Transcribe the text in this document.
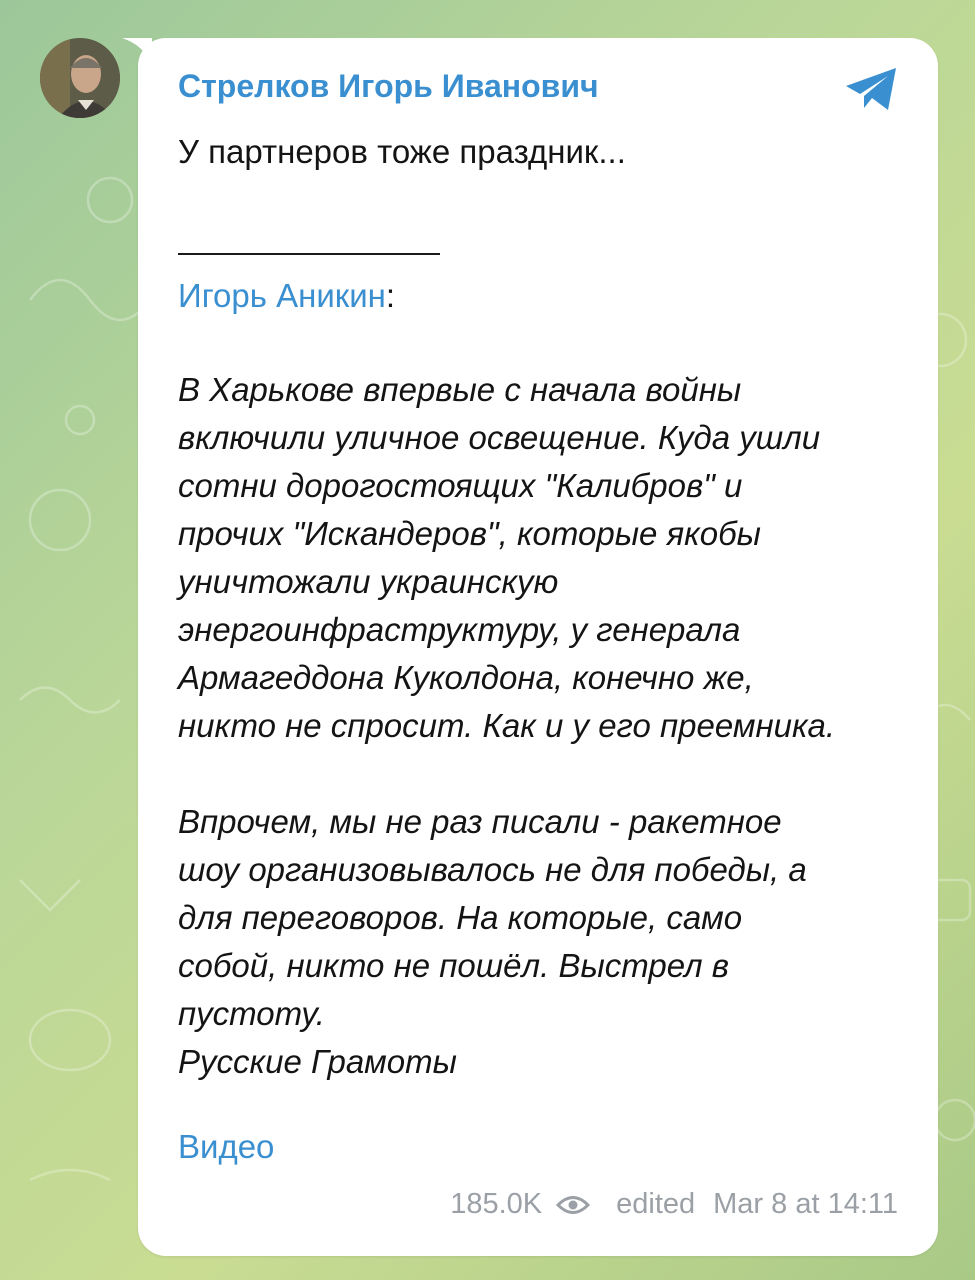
Стрелков Игорь Иванович
У партнеров тоже праздник...
Игорь Аникин:

В Харькове впервые с начала войны

включили уличное освещение. Куда ушли

сотни дорогостоящих "Калибров" и

прочих "Искандеров", которые якобы

уничтожали украинскую

энергоинфраструктуру, у генерала

Армагеддона Куколдона, конечно же,

никто не спросит. Как и у его преемника.

Впрочем, мы не раз писали - ракетное

шоу организовывалось не для победы, а

для переговоров. На которые, само

собой, никто не пошёл. Выстрел в

пустоту.

Русские Грамоты

Видео
185.0K	edited Mar 8 at 14:11
